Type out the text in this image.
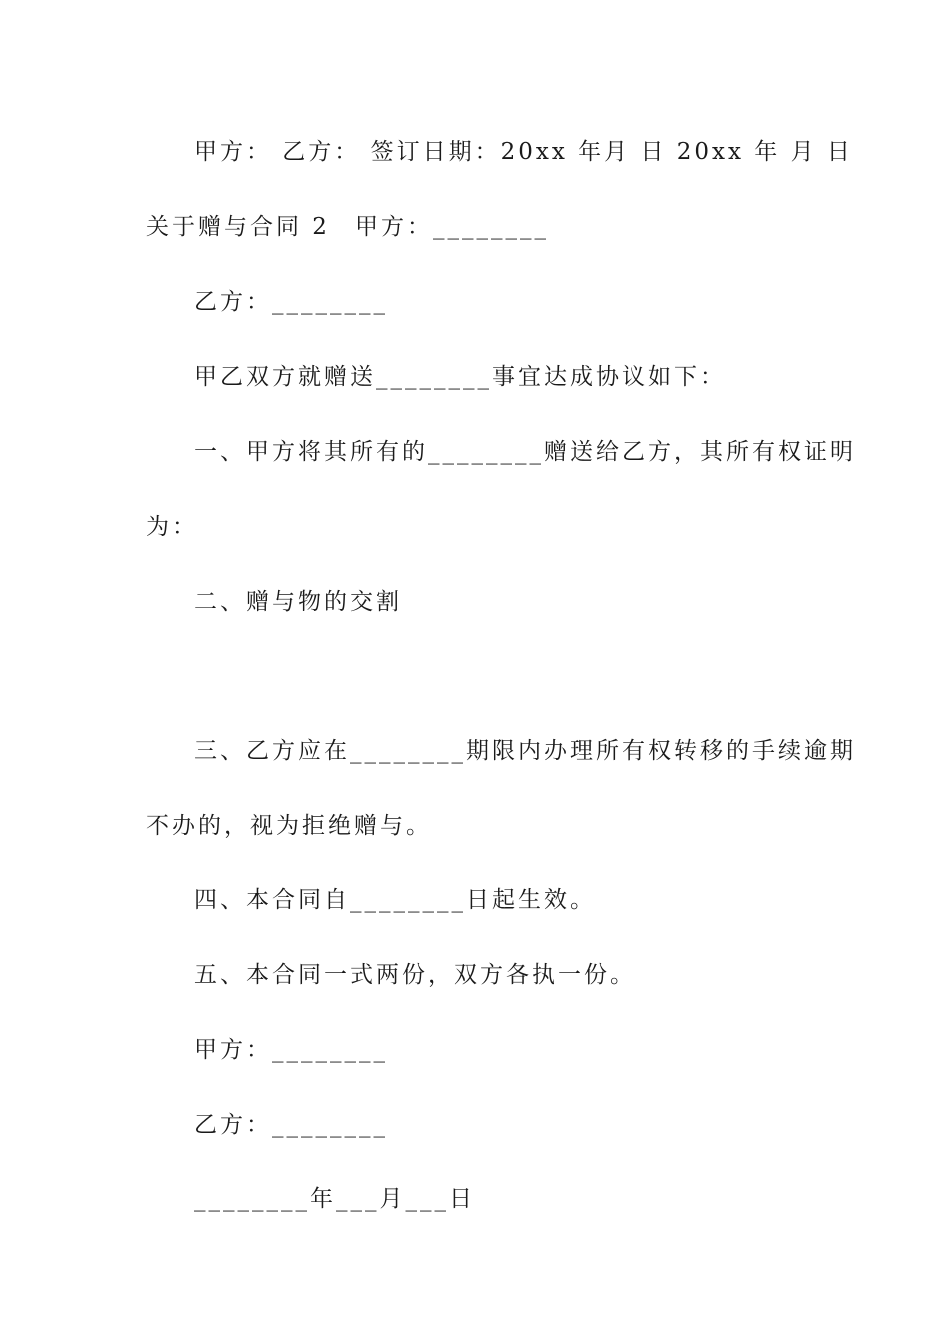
甲方： 乙方： 签订日期：20xx 年月 日 20xx 年 月 日
关于赠与合同 2 甲方：________
乙方：________
甲乙双方就赠送________事宜达成协议如下：
一、甲方将其所有的________赠送给乙方，其所有权证明
为：
二、赠与物的交割
三、乙方应在________期限内办理所有权转移的手续逾期
不办的，视为拒绝赠与。
四、本合同自________日起生效。
五、本合同一式两份，双方各执一份。
甲方：________
乙方：________
________年___月___日
